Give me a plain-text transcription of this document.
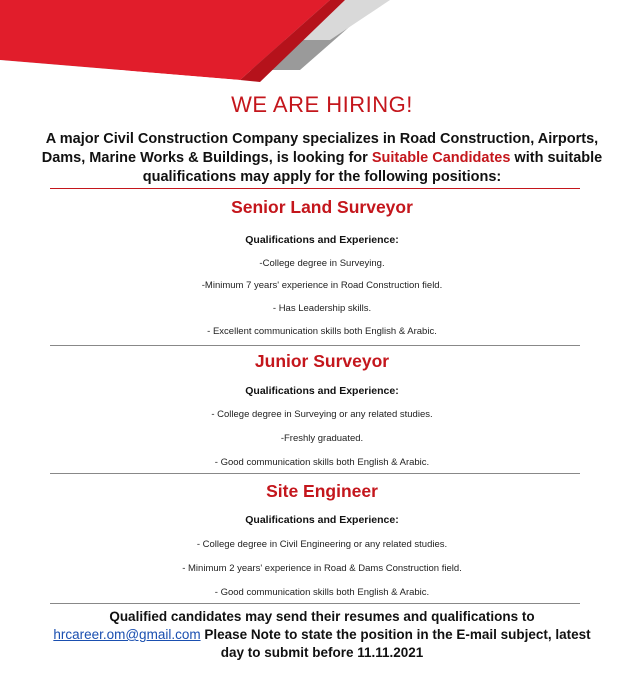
WE ARE HIRING!
A major Civil Construction Company specializes in Road Construction, Airports, Dams, Marine Works & Buildings, is looking for Suitable Candidates with suitable qualifications may apply for the following positions:
Senior Land Surveyor
Qualifications and Experience:
-College degree in Surveying.
-Minimum 7 years' experience in Road Construction field.
- Has Leadership skills.
- Excellent communication skills both English & Arabic.
Junior Surveyor
Qualifications and Experience:
- College degree in Surveying or any related studies.
-Freshly graduated.
- Good communication skills both English & Arabic.
Site Engineer
Qualifications and Experience:
- College degree in Civil Engineering or any related studies.
- Minimum 2 years' experience in Road & Dams Construction field.
- Good communication skills both English & Arabic.
Qualified candidates may send their resumes and qualifications to
hrcareer.om@gmail.com Please Note to state the position in the E-mail subject, latest day to submit before 11.11.2021
